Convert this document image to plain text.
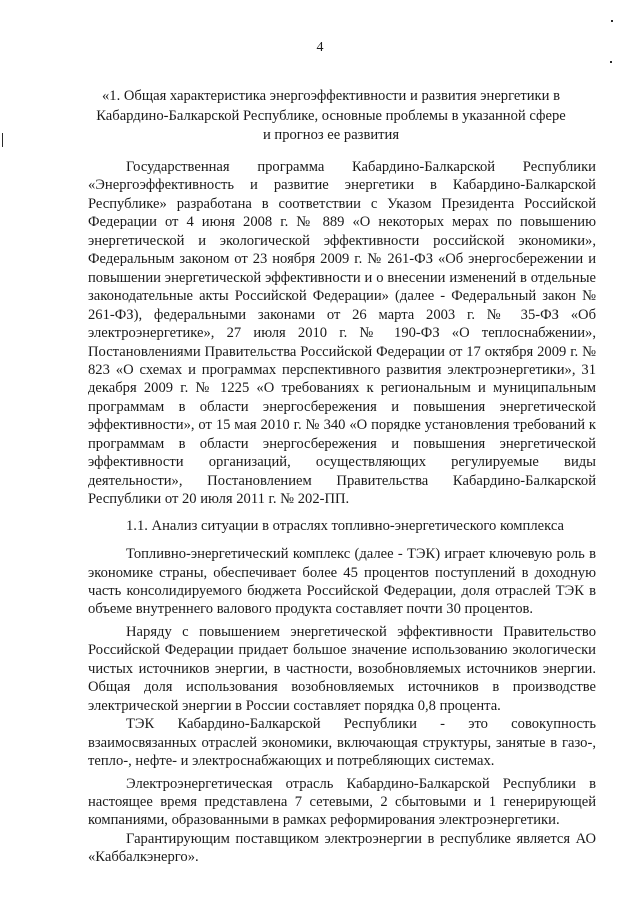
4
«1. Общая характеристика энергоэффективности и развития энергетики в Кабардино-Балкарской Республике, основные проблемы в указанной сфере и прогноз ее развития

Государственная программа Кабардино-Балкарской Республики «Энергоэффективность и развитие энергетики в Кабардино-Балкарской Республике» разработана в соответствии с Указом Президента Российской Федерации от 4 июня 2008 г. № 889 «О некоторых мерах по повышению энергетической и экологической эффективности российской экономики», Федеральным законом от 23 ноября 2009 г. № 261-ФЗ «Об энергосбережении и повышении энергетической эффективности и о внесении изменений в отдельные законодательные акты Российской Федерации» (далее - Федеральный закон № 261-ФЗ), федеральными законами от 26 марта 2003 г. № 35-ФЗ «Об электроэнергетике», 27 июля 2010 г. № 190-ФЗ «О теплоснабжении», Постановлениями Правительства Российской Федерации от 17 октября 2009 г. № 823 «О схемах и программах перспективного развития электроэнергетики», 31 декабря 2009 г. № 1225 «О требованиях к региональным и муниципальным программам в области энергосбережения и повышения энергетической эффективности», от 15 мая 2010 г. № 340 «О порядке установления требований к программам в области энергосбережения и повышения энергетической эффективности организаций, осуществляющих регулируемые виды деятельности», Постановлением Правительства Кабардино-Балкарской Республики от 20 июля 2011 г. № 202-ПП.

1.1. Анализ ситуации в отраслях топливно-энергетического комплекса

Топливно-энергетический комплекс (далее - ТЭК) играет ключевую роль в экономике страны, обеспечивает более 45 процентов поступлений в доходную часть консолидируемого бюджета Российской Федерации, доля отраслей ТЭК в объеме внутреннего валового продукта составляет почти 30 процентов.

Наряду с повышением энергетической эффективности Правительство Российской Федерации придает большое значение использованию экологически чистых источников энергии, в частности, возобновляемых источников энергии. Общая доля использования возобновляемых источников в производстве электрической энергии в России составляет порядка 0,8 процента.

ТЭК Кабардино-Балкарской Республики - это совокупность взаимосвязанных отраслей экономики, включающая структуры, занятые в газо-, тепло-, нефте- и электроснабжающих и потребляющих системах.

Электроэнергетическая отрасль Кабардино-Балкарской Республики в настоящее время представлена 7 сетевыми, 2 сбытовыми и 1 генерирующей компаниями, образованными в рамках реформирования электроэнергетики.

Гарантирующим поставщиком электроэнергии в республике является АО «Каббалкэнерго».
